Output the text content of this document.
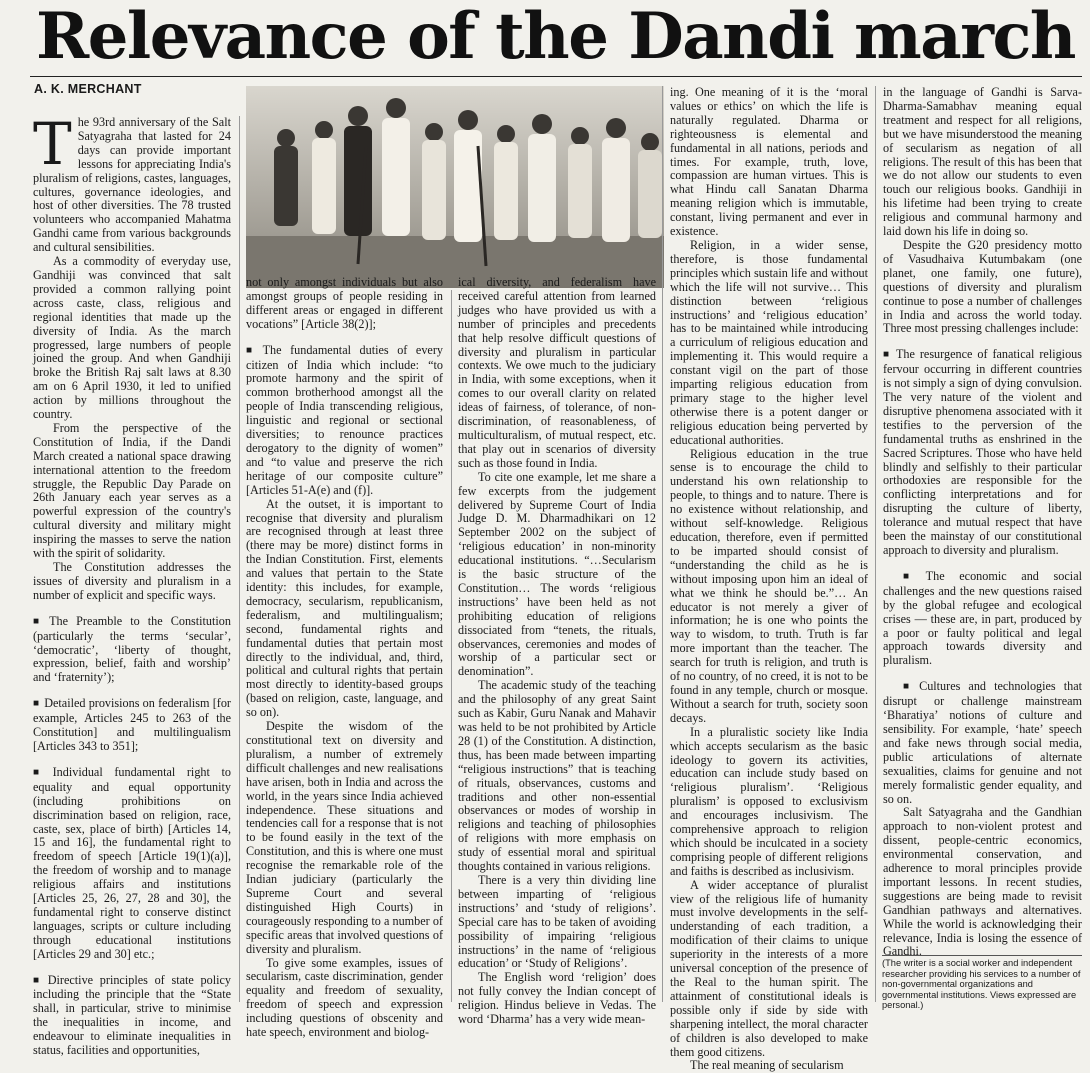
Relevance of the Dandi march
A. K. MERCHANT

The 93rd anniversary of the Salt Satyagraha that lasted for 24 days can provide important lessons for appreciating India's pluralism of religions, castes, languages, cultures, governance ideologies, and host of other diversities. The 78 trusted volunteers who accompanied Mahatma Gandhi came from various backgrounds and cultural sensibilities.

As a commodity of everyday use, Gandhiji was convinced that salt provided a common rallying point across caste, class, religious and regional identities that made up the diversity of India. As the march progressed, large numbers of people joined the group. And when Gandhiji broke the British Raj salt laws at 8.30 am on 6 April 1930, it led to unified action by millions throughout the country.

From the perspective of the Constitution of India, if the Dandi March created a national space drawing international attention to the freedom struggle, the Republic Day Parade on 26th January each year serves as a powerful expression of the country's cultural diversity and military might inspiring the masses to serve the nation with the spirit of solidarity.

The Constitution addresses the issues of diversity and pluralism in a number of explicit and specific ways.

■ The Preamble to the Constitution (particularly the terms ‘secular’, ‘democratic’, ‘liberty of thought, expression, belief, faith and worship’ and ‘fraternity’);

■ Detailed provisions on federalism [for example, Articles 245 to 263 of the Constitution] and multilingualism [Articles 343 to 351];

■ Individual fundamental right to equality and equal opportunity (including prohibitions on discrimination based on religion, race, caste, sex, place of birth) [Articles 14, 15 and 16], the fundamental right to freedom of speech [Article 19(1)(a)], the freedom of worship and to manage religious affairs and institutions [Articles 25, 26, 27, 28 and 30], the fundamental right to conserve distinct languages, scripts or culture including through educational institutions [Articles 29 and 30] etc.;

■ Directive principles of state policy including the principle that the “State shall, in particular, strive to minimise the inequalities in income, and endeavour to eliminate inequalities in status, facilities and opportunities,

not only amongst individuals but also amongst groups of people residing in different areas or engaged in different vocations” [Article 38(2)];

■ The fundamental duties of every citizen of India which include: “to promote harmony and the spirit of common brotherhood amongst all the people of India transcending religious, linguistic and regional or sectional diversities; to renounce practices derogatory to the dignity of women” and “to value and preserve the rich heritage of our composite culture” [Articles 51-A(e) and (f)].

At the outset, it is important to recognise that diversity and pluralism are recognised through at least three (there may be more) distinct forms in the Indian Constitution. First, elements and values that pertain to the State identity: this includes, for example, democracy, secularism, republicanism, federalism, and multilingualism; second, fundamental rights and fundamental duties that pertain most directly to the individual, and, third, political and cultural rights that pertain most directly to identity-based groups (based on religion, caste, language, and so on).

Despite the wisdom of the constitutional text on diversity and pluralism, a number of extremely difficult challenges and new realisations have arisen, both in India and across the world, in the years since India achieved independence. These situations and tendencies call for a response that is not to be found easily in the text of the Constitution, and this is where one must recognise the remarkable role of the Indian judiciary (particularly the Supreme Court and several distinguished High Courts) in courageously responding to a number of specific areas that involved questions of diversity and pluralism.

To give some examples, issues of secularism, caste discrimination, gender equality and freedom of sexuality, freedom of speech and expression including questions of obscenity and hate speech, environment and biolog-

ical diversity, and federalism have received careful attention from learned judges who have provided us with a number of principles and precedents that help resolve difficult questions of diversity and pluralism in particular contexts. We owe much to the judiciary in India, with some exceptions, when it comes to our overall clarity on related ideas of fairness, of tolerance, of non-discrimination, of reasonableness, of multiculturalism, of mutual respect, etc. that play out in scenarios of diversity such as those found in India.

To cite one example, let me share a few excerpts from the judgement delivered by Supreme Court of India Judge D. M. Dharmadhikari on 12 September 2002 on the subject of ‘religious education’ in non-minority educational institutions. “…Secularism is the basic structure of the Constitution… The words ‘religious instructions’ have been held as not prohibiting education of religions dissociated from “tenets, the rituals, observances, ceremonies and modes of worship of a particular sect or denomination”.

The academic study of the teaching and the philosophy of any great Saint such as Kabir, Guru Nanak and Mahavir was held to be not prohibited by Article 28 (1) of the Constitution. A distinction, thus, has been made between imparting “religious instructions” that is teaching of rituals, observances, customs and traditions and other non-essential observances or modes of worship in religions and teaching of philosophies of religions with more emphasis on study of essential moral and spiritual thoughts contained in various religions.

There is a very thin dividing line between imparting of ‘religious instructions’ and ‘study of religions’. Special care has to be taken of avoiding possibility of impairing ‘religious instructions’ in the name of ‘religious education’ or ‘Study of Religions’.

The English word ‘religion’ does not fully convey the Indian concept of religion. Hindus believe in Vedas. The word ‘Dharma’ has a very wide mean-

ing. One meaning of it is the ‘moral values or ethics’ on which the life is naturally regulated. Dharma or righteousness is elemental and fundamental in all nations, periods and times. For example, truth, love, compassion are human virtues. This is what Hindu call Sanatan Dharma meaning religion which is immutable, constant, living permanent and ever in existence.

Religion, in a wider sense, therefore, is those fundamental principles which sustain life and without which the life will not survive… This distinction between ‘religious instructions’ and ‘religious education’ has to be maintained while introducing a curriculum of religious education and implementing it. This would require a constant vigil on the part of those imparting religious education from primary stage to the higher level otherwise there is a potent danger or religious education being perverted by educational authorities.

Religious education in the true sense is to encourage the child to understand his own relationship to people, to things and to nature. There is no existence without relationship, and without self-knowledge. Religious education, therefore, even if permitted to be imparted should consist of “understanding the child as he is without imposing upon him an ideal of what we think he should be.”… An educator is not merely a giver of information; he is one who points the way to wisdom, to truth. Truth is far more important than the teacher. The search for truth is religion, and truth is of no country, of no creed, it is not to be found in any temple, church or mosque. Without a search for truth, society soon decays.

In a pluralistic society like India which accepts secularism as the basic ideology to govern its activities, education can include study based on ‘religious pluralism’. ‘Religious pluralism’ is opposed to exclusivism and encourages inclusivism. The comprehensive approach to religion which should be inculcated in a society comprising people of different religions and faiths is described as inclusivism.

A wider acceptance of pluralist view of the religious life of humanity must involve developments in the self-understanding of each tradition, a modification of their claims to unique superiority in the interests of a more universal conception of the presence of the Real to the human spirit. The attainment of constitutional ideals is possible only if side by side with sharpening intellect, the moral character of children is also developed to make them good citizens.

The real meaning of secularism

in the language of Gandhi is Sarva-Dharma-Samabhav meaning equal treatment and respect for all religions, but we have misunderstood the meaning of secularism as negation of all religions. The result of this has been that we do not allow our students to even touch our religious books. Gandhiji in his lifetime had been trying to create religious and communal harmony and laid down his life in doing so.

Despite the G20 presidency motto of Vasudhaiva Kutumbakam (one planet, one family, one future), questions of diversity and pluralism continue to pose a number of challenges in India and across the world today. Three most pressing challenges include:

■ The resurgence of fanatical religious fervour occurring in different countries is not simply a sign of dying convulsion. The very nature of the violent and disruptive phenomena associated with it testifies to the perversion of the fundamental truths as enshrined in the Sacred Scriptures. Those who have held blindly and selfishly to their particular orthodoxies are responsible for the conflicting interpretations and for disrupting the culture of liberty, tolerance and mutual respect that have been the mainstay of our constitutional approach to diversity and pluralism.

■ The economic and social challenges and the new questions raised by the global refugee and ecological crises — these are, in part, produced by a poor or faulty political and legal approach towards diversity and pluralism.

■ Cultures and technologies that disrupt or challenge mainstream ‘Bharatiya’ notions of culture and sensibility. For example, ‘hate’ speech and fake news through social media, public articulations of alternate sexualities, claims for genuine and not merely formalistic gender equality, and so on.

Salt Satyagraha and the Gandhian approach to non-violent protest and dissent, people-centric economics, environmental conservation, and adherence to moral principles provide important lessons. In recent studies, suggestions are being made to revisit Gandhian pathways and alternatives. While the world is acknowledging their relevance, India is losing the essence of Gandhi.

(The writer is a social worker and independent researcher providing his services to a number of non-governmental organizations and governmental institutions. Views expressed are personal.)
